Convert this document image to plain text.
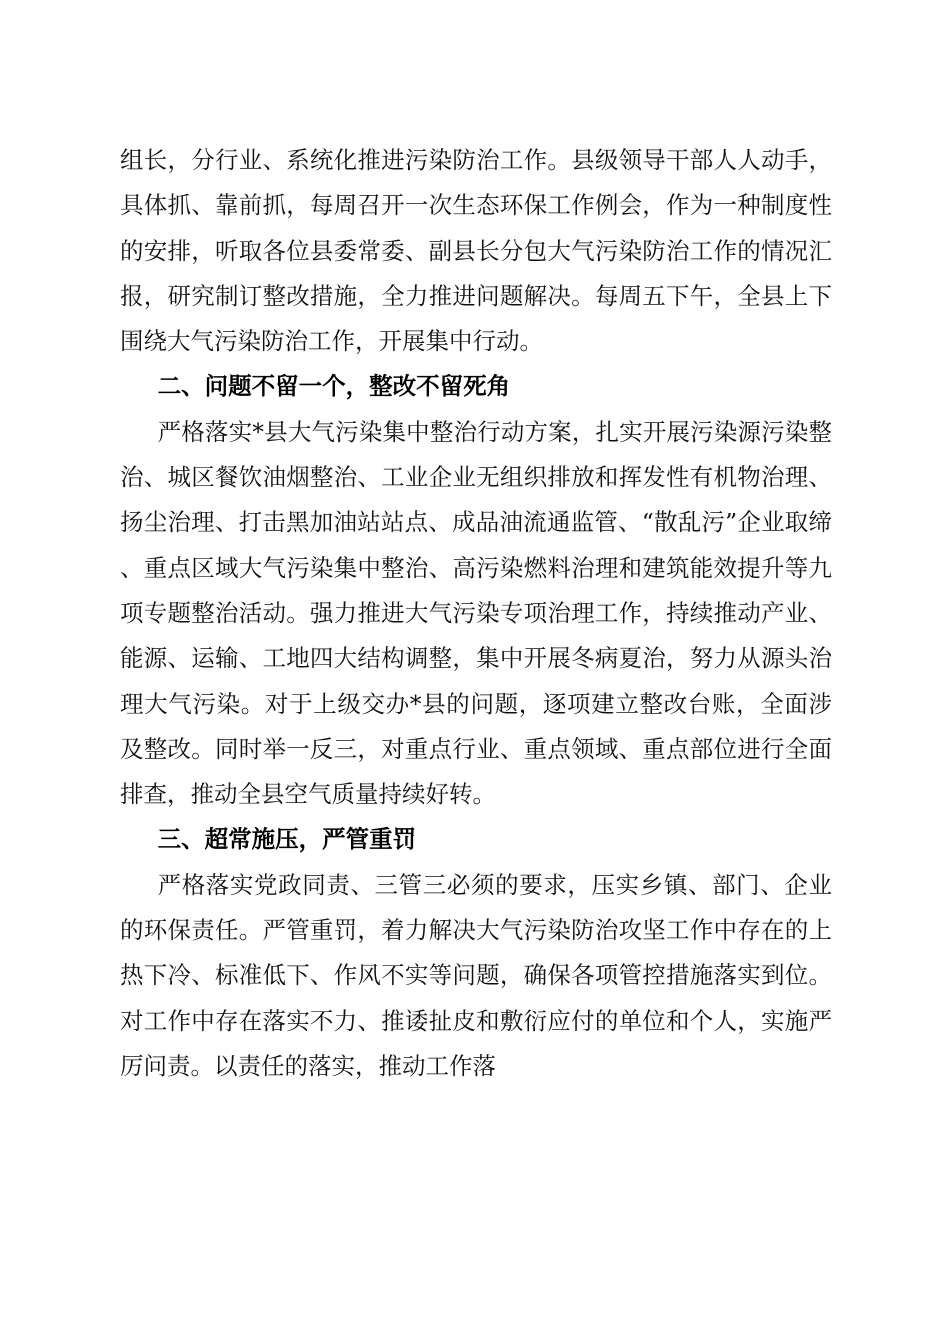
组长，分行业、系统化推进污染防治工作。县级领导干部人人动手，具体抓、靠前抓，每周召开一次生态环保工作例会，作为一种制度性的安排，听取各位县委常委、副县长分包大气污染防治工作的情况汇报，研究制订整改措施，全力推进问题解决。每周五下午，全县上下围绕大气污染防治工作，开展集中行动。

二、问题不留一个，整改不留死角

严格落实*县大气污染集中整治行动方案，扎实开展污染源污染整治、城区餐饮油烟整治、工业企业无组织排放和挥发性有机物治理、扬尘治理、打击黑加油站站点、成品油流通监管、“散乱污”企业取缔、重点区域大气污染集中整治、高污染燃料治理和建筑能效提升等九项专题整治活动。强力推进大气污染专项治理工作，持续推动产业、能源、运输、工地四大结构调整，集中开展冬病夏治，努力从源头治理大气污染。对于上级交办*县的问题，逐项建立整改台账，全面涉及整改。同时举一反三，对重点行业、重点领域、重点部位进行全面排查，推动全县空气质量持续好转。

三、超常施压，严管重罚

严格落实党政同责、三管三必须的要求，压实乡镇、部门、企业的环保责任。严管重罚，着力解决大气污染防治攻坚工作中存在的上热下冷、标准低下、作风不实等问题，确保各项管控措施落实到位。对工作中存在落实不力、推诿扯皮和敷衍应付的单位和个人，实施严厉问责。以责任的落实，推动工作落
